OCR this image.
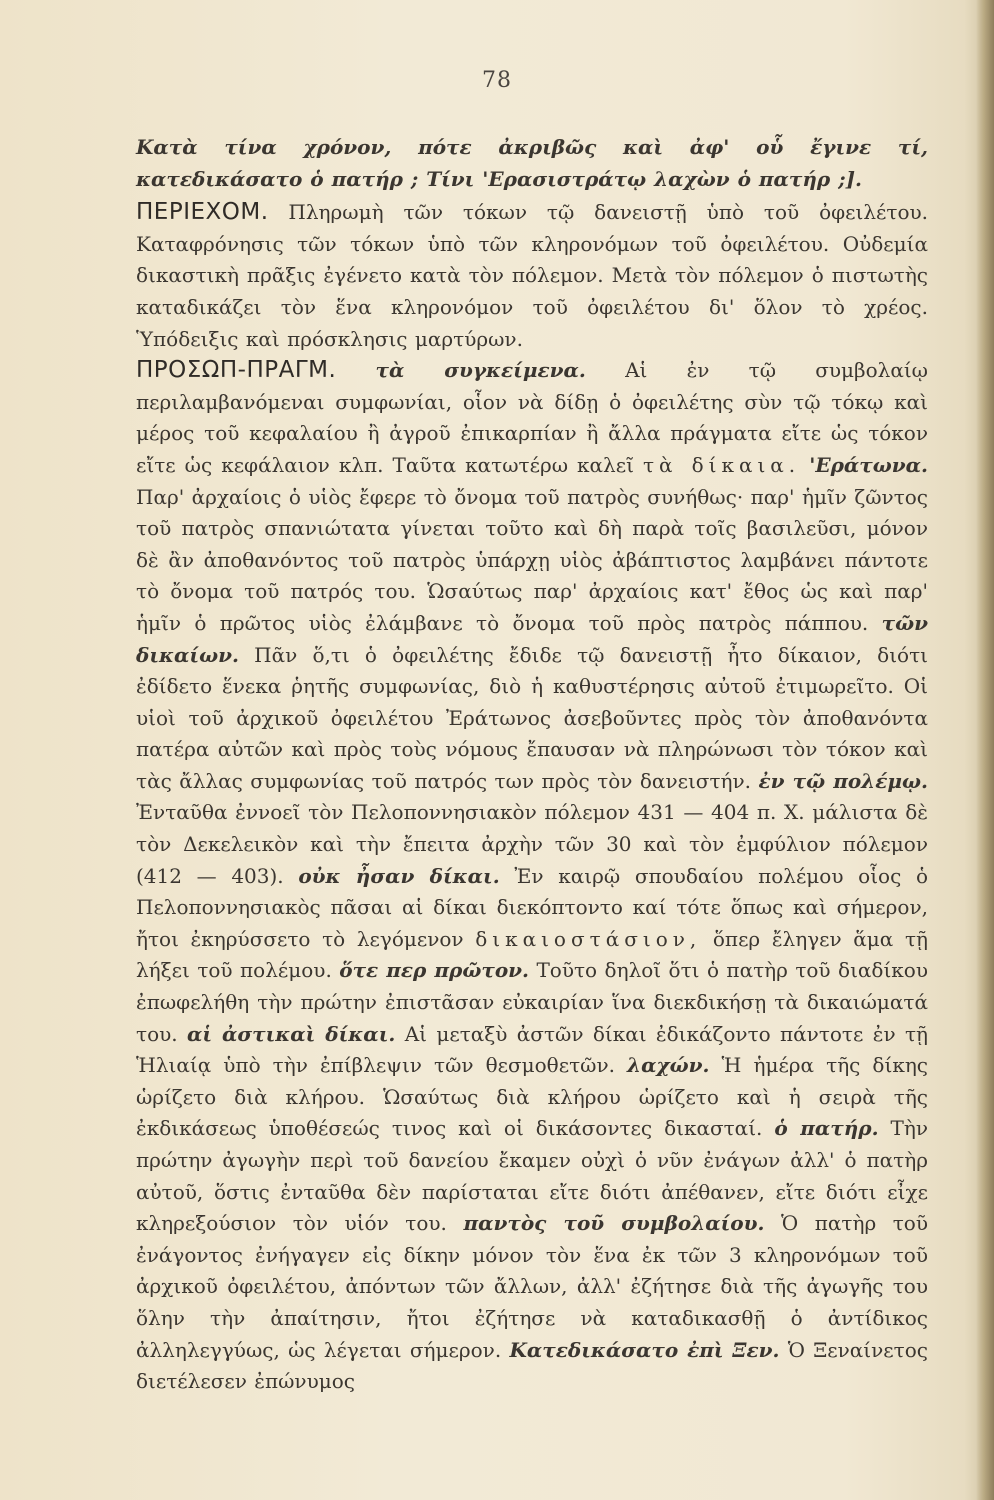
78

Κατὰ τίνα χρόνον, πότε ἀκριβῶς καὶ ἀφ' οὗ ἔγινε τί, κατεδικάσατο ὁ πατήρ ; Τίνι 'Ερασιστράτῳ λαχὼν ὁ πατήρ ;].

ΠΕΡΙΕΧΟΜ. Πληρωμὴ τῶν τόκων τῷ δανειστῇ ὑπὸ τοῦ ὀφειλέτου. Καταφρόνησις τῶν τόκων ὑπὸ τῶν κληρονόμων τοῦ ὀφειλέτου. Οὐδεμία δικαστικὴ πρᾶξις ἐγένετο κατὰ τὸν πόλεμον. Μετὰ τὸν πόλεμον ὁ πιστωτὴς καταδικάζει τὸν ἕνα κληρονόμον τοῦ ὀφειλέτου δι' ὅλον τὸ χρέος. Ὑπόδειξις καὶ πρόσκλησις μαρτύρων.

ΠΡΟΣΩΠ-ΠΡΑΓΜ. τὰ συγκείμενα. Αἱ ἐν τῷ συμβολαίῳ περιλαμβανόμεναι συμφωνίαι, οἷον νὰ δίδῃ ὁ ὀφειλέτης σὺν τῷ τόκῳ καὶ μέρος τοῦ κεφαλαίου ἢ ἀγροῦ ἐπικαρπίαν ἢ ἄλλα πράγματα εἴτε ὡς τόκον εἴτε ὡς κεφάλαιον κλπ. Ταῦτα κατωτέρω καλεῖ τὰ δίκαια. 'Εράτωνα. Παρ' ἀρχαίοις ὁ υἱὸς ἔφερε τὸ ὄνομα τοῦ πατρὸς συνήθως· παρ' ἡμῖν ζῶντος τοῦ πατρὸς σπανιώτατα γίνεται τοῦτο καὶ δὴ παρὰ τοῖς βασιλεῦσι, μόνον δὲ ἂν ἀποθανόντος τοῦ πατρὸς ὑπάρχῃ υἱὸς ἀβάπτιστος λαμβάνει πάντοτε τὸ ὄνομα τοῦ πατρός του. Ὡσαύτως παρ' ἀρχαίοις κατ' ἔθος ὡς καὶ παρ' ἡμῖν ὁ πρῶτος υἱὸς ἐλάμβανε τὸ ὄνομα τοῦ πρὸς πατρὸς πάππου. τῶν δικαίων. Πᾶν ὅ,τι ὁ ὀφειλέτης ἔδιδε τῷ δανειστῇ ἦτο δίκαιον, διότι ἐδίδετο ἕνεκα ῥητῆς συμφωνίας, διὸ ἡ καθυστέρησις αὐτοῦ ἐτιμωρεῖτο. Οἱ υἱοὶ τοῦ ἀρχικοῦ ὀφειλέτου Ἐράτωνος ἀσεβοῦντες πρὸς τὸν ἀποθανόντα πατέρα αὐτῶν καὶ πρὸς τοὺς νόμους ἔπαυσαν νὰ πληρώνωσι τὸν τόκον καὶ τὰς ἄλλας συμφωνίας τοῦ πατρός των πρὸς τὸν δανειστήν. ἐν τῷ πολέμῳ. Ἐνταῦθα ἐννοεῖ τὸν Πελοποννησιακὸν πόλεμον 431 — 404 π. Χ. μάλιστα δὲ τὸν Δεκελεικὸν καὶ τὴν ἔπειτα ἀρχὴν τῶν 30 καὶ τὸν ἐμφύλιον πόλεμον (412 — 403). οὐκ ἦσαν δίκαι. Ἐν καιρῷ σπουδαίου πολέμου οἷος ὁ Πελοποννησιακὸς πᾶσαι αἱ δίκαι διεκόπτοντο καί τότε ὅπως καὶ σήμερον, ἤτοι ἐκηρύσσετο τὸ λεγόμενον δικαιοστάσιον, ὅπερ ἔληγεν ἅμα τῇ λήξει τοῦ πολέμου. ὅτε περ πρῶτον. Τοῦτο δηλοῖ ὅτι ὁ πατὴρ τοῦ διαδίκου ἐπωφελήθη τὴν πρώτην ἐπιστᾶσαν εὐκαιρίαν ἵνα διεκδικήσῃ τὰ δικαιώματά του. αἱ ἀστικαὶ δίκαι. Αἱ μεταξὺ ἀστῶν δίκαι ἐδικάζοντο πάντοτε ἐν τῇ Ἡλιαίᾳ ὑπὸ τὴν ἐπίβλεψιν τῶν θεσμοθετῶν. λαχών. Ἡ ἡμέρα τῆς δίκης ὡρίζετο διὰ κλήρου. Ὡσαύτως διὰ κλήρου ὡρίζετο καὶ ἡ σειρὰ τῆς ἐκδικάσεως ὑποθέσεώς τινος καὶ οἱ δικάσοντες δικασταί. ὁ πατήρ. Τὴν πρώτην ἀγωγὴν περὶ τοῦ δανείου ἔκαμεν οὐχὶ ὁ νῦν ἐνάγων ἀλλ' ὁ πατὴρ αὐτοῦ, ὅστις ἐνταῦθα δὲν παρίσταται εἴτε διότι ἀπέθανεν, εἴτε διότι εἶχε κληρεξούσιον τὸν υἱόν του. παντὸς τοῦ συμβολαίου. Ὁ πατὴρ τοῦ ἐνάγοντος ἐνήγαγεν εἰς δίκην μόνον τὸν ἕνα ἐκ τῶν 3 κληρονόμων τοῦ ἀρχικοῦ ὀφειλέτου, ἀπόντων τῶν ἄλλων, ἀλλ' ἐζήτησε διὰ τῆς ἀγωγῆς του ὅλην τὴν ἀπαίτησιν, ἤτοι ἐζήτησε νὰ καταδικασθῇ ὁ ἀντίδικος ἀλληλεγγύως, ὡς λέγεται σήμερον. Κατεδικάσατο ἐπὶ Ξεν. Ὁ Ξεναίνετος διετέλεσεν ἐπώνυμος
